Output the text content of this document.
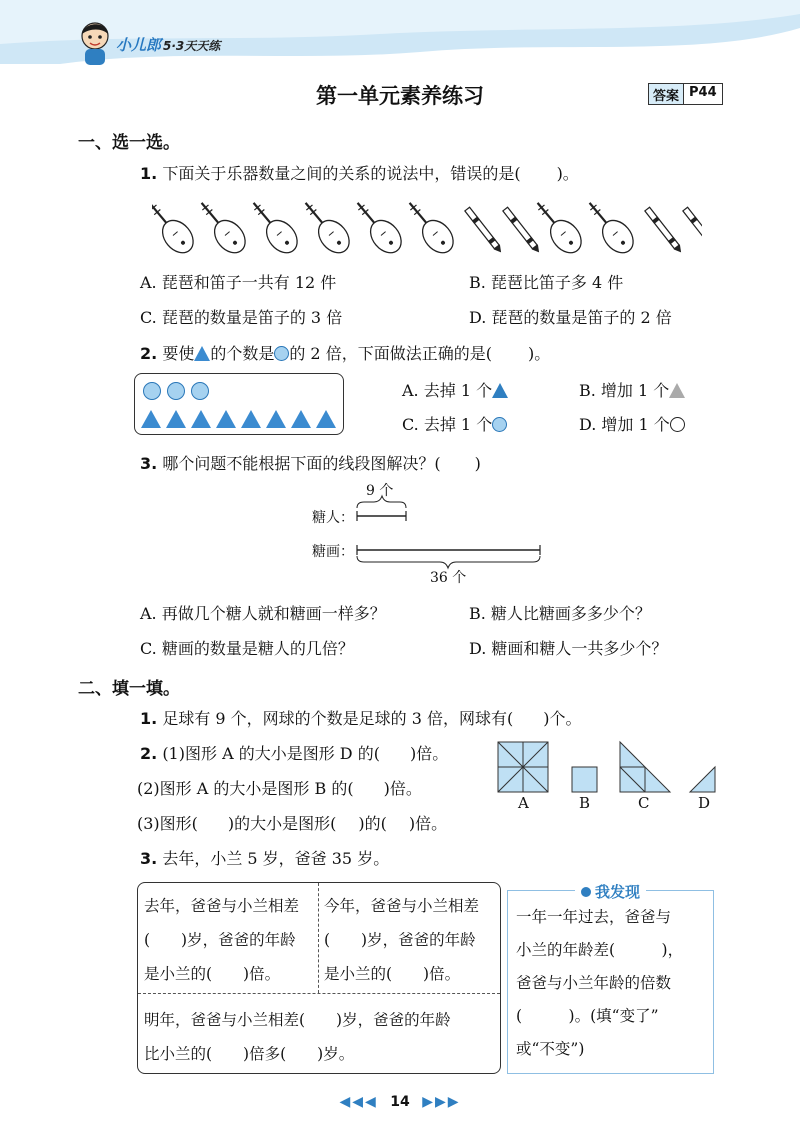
小儿郎 5·3天天练
第一单元素养练习	答案 P44
一、选一选。
1. 下面关于乐器数量之间的关系的说法中，错误的是( )。
A. 琵琶和笛子一共有 12 件	B. 琵琶比笛子多 4 件
C. 琵琶的数量是笛子的 3 倍	D. 琵琶的数量是笛子的 2 倍
2. 要使 的个数是 的 2 倍，下面做法正确的是( )。
A. 去掉 1 个	B. 增加 1 个
C. 去掉 1 个	D. 增加 1 个
3. 哪个问题不能根据下面的线段图解决？( )
9 个
糖人：
糖画：
36 个
A. 再做几个糖人就和糖画一样多？	B. 糖人比糖画多多少个？
C. 糖画的数量是糖人的几倍？	D. 糖画和糖人一共多少个？
二、填一填。
1. 足球有 9 个，网球的个数是足球的 3 倍，网球有( )个。
2. (1)图形 A 的大小是图形 D 的( )倍。
(2)图形 A 的大小是图形 B 的( )倍。
(3)图形( )的大小是图形( )的( )倍。
A	B	C	D
3. 去年，小兰 5 岁，爸爸 35 岁。
去年，爸爸与小兰相差
(　　)岁，爸爸的年龄
是小兰的(　　)倍。
今年，爸爸与小兰相差
(　　)岁，爸爸的年龄
是小兰的(　　)倍。
明年，爸爸与小兰相差(　　)岁，爸爸的年龄
比小兰的(　　)倍多(　　)岁。
我发现
一年一年过去，爸爸与
小兰的年龄差(　　　)，
爸爸与小兰年龄的倍数
(　　　)。(填“变了”
或“不变”)
◀◀◀ 14 ▶▶▶
